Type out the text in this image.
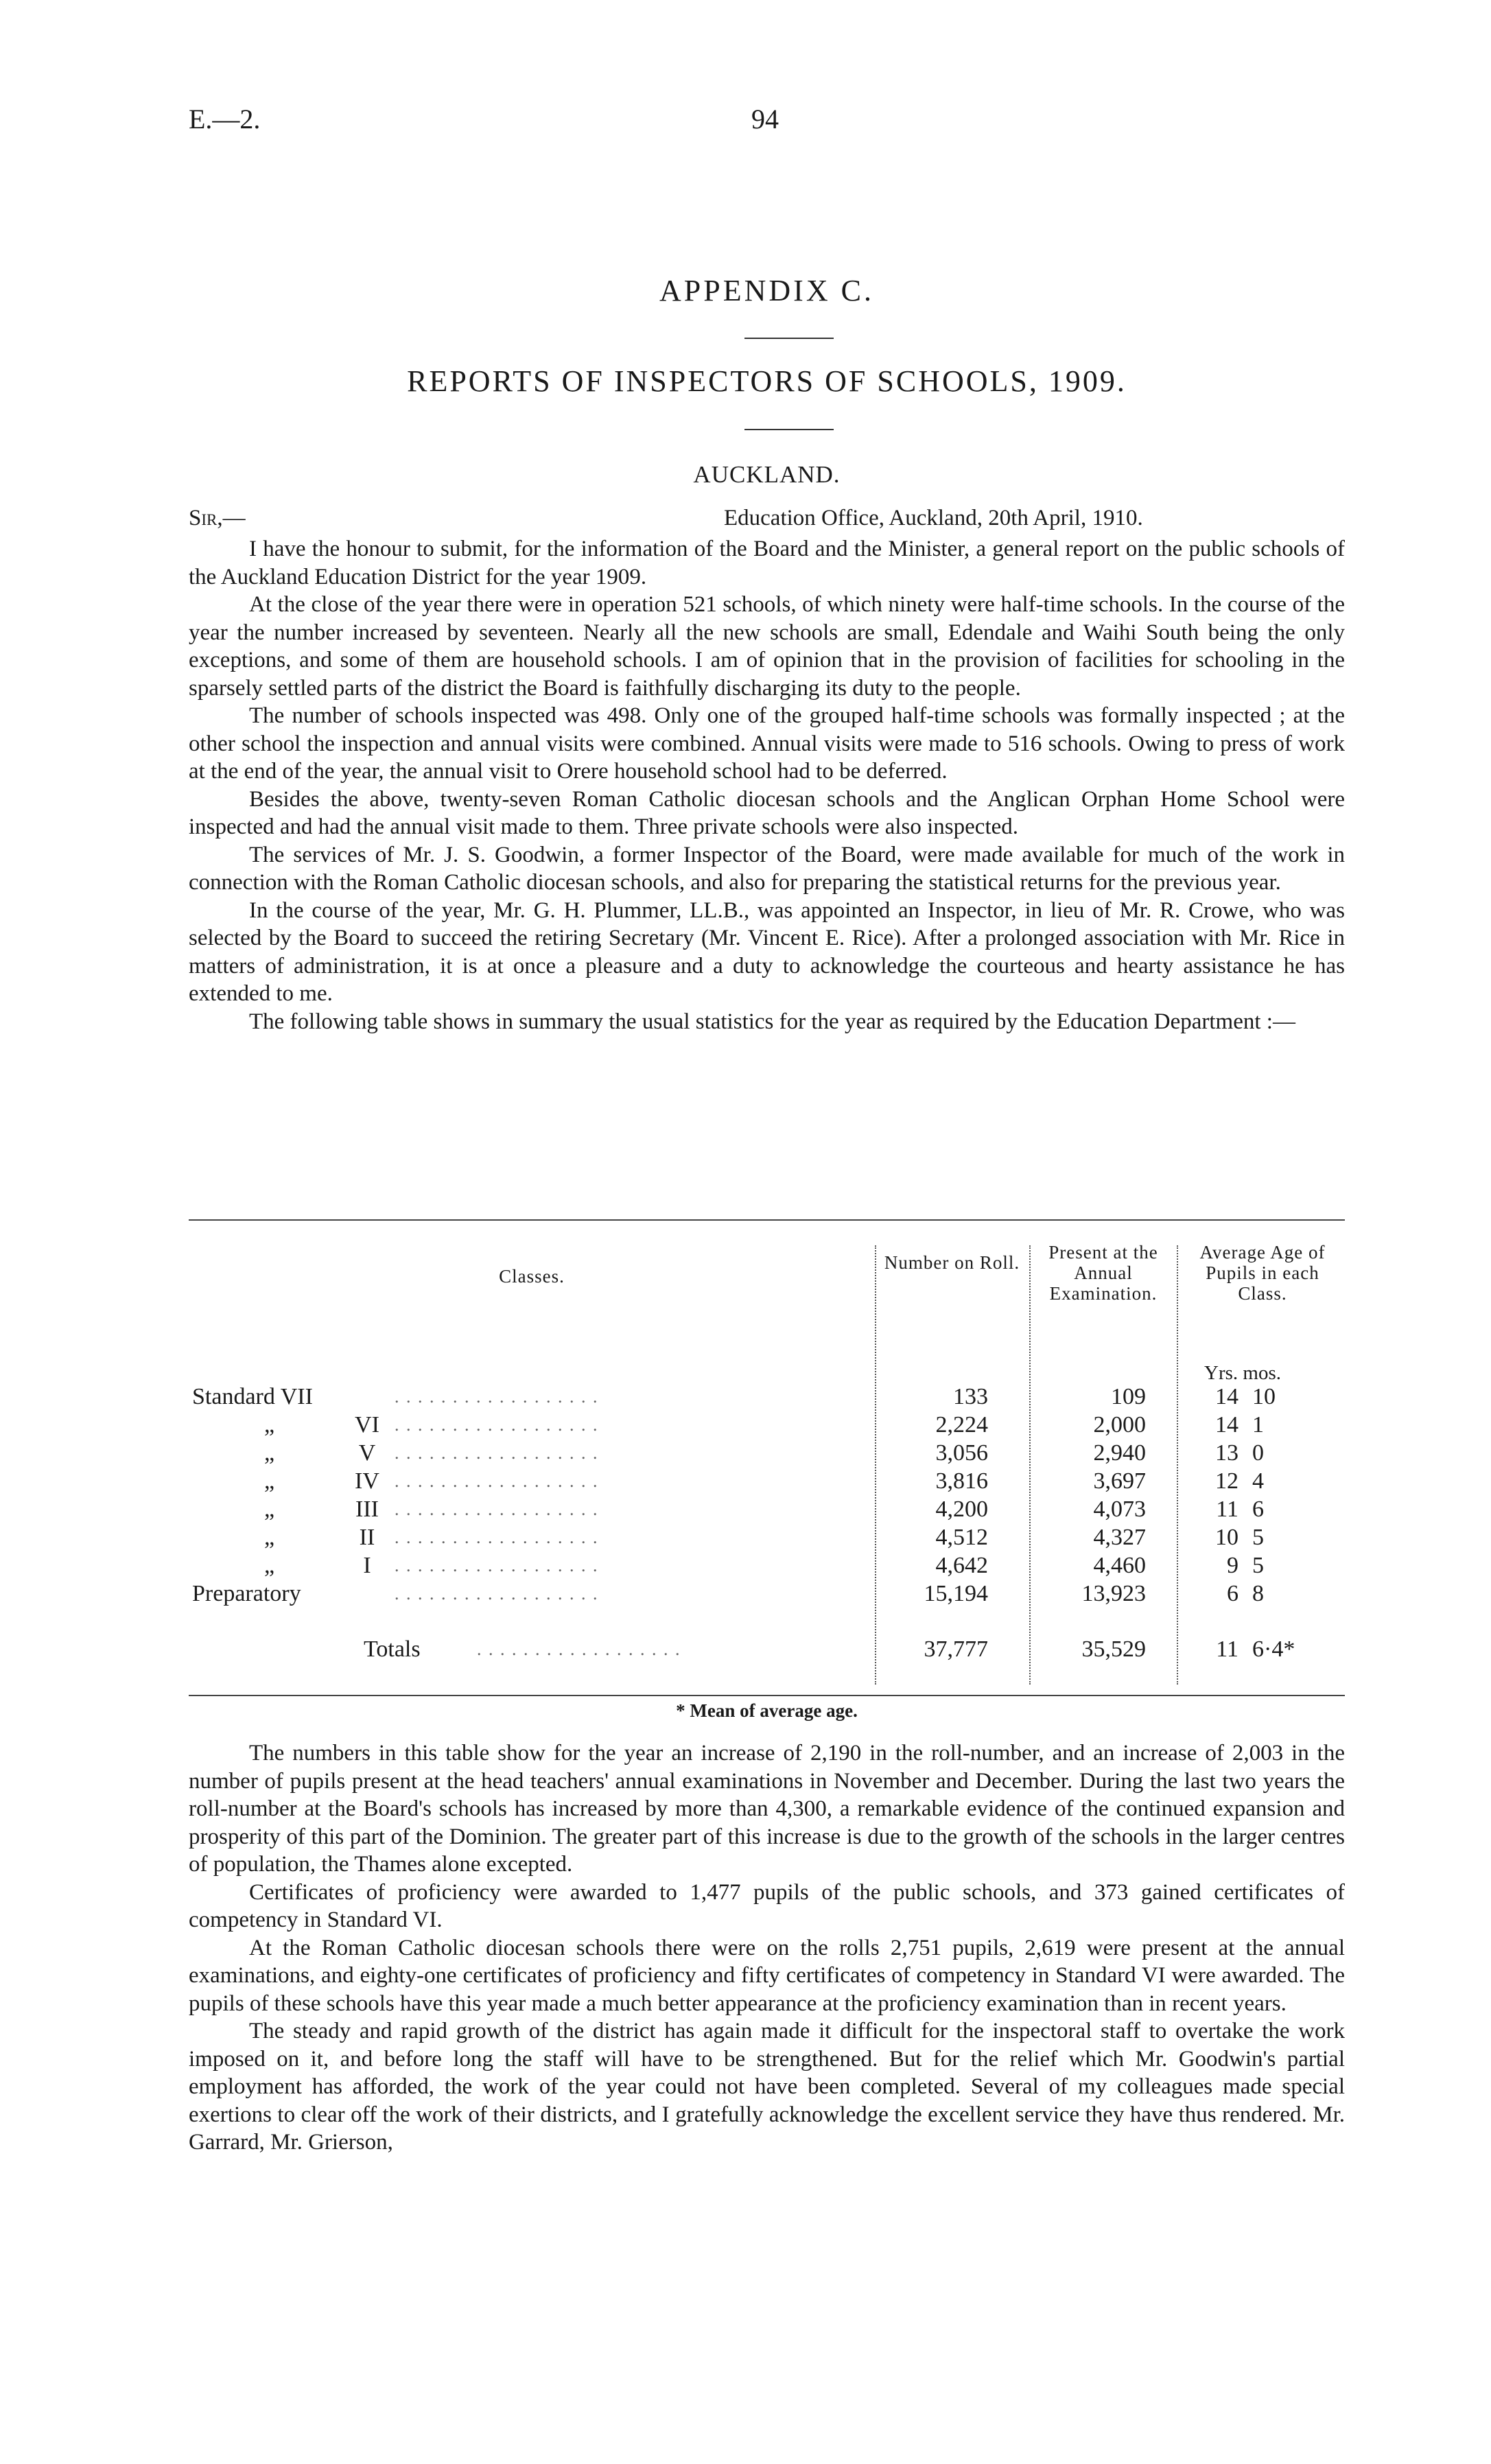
E.—2.	94
APPENDIX C.
REPORTS OF INSPECTORS OF SCHOOLS, 1909.
AUCKLAND.
Sir,—	Education Office, Auckland, 20th April, 1910.

I have the honour to submit, for the information of the Board and the Minister, a general report on the public schools of the Auckland Education District for the year 1909.

At the close of the year there were in operation 521 schools, of which ninety were half-time schools. In the course of the year the number increased by seventeen. Nearly all the new schools are small, Edendale and Waihi South being the only exceptions, and some of them are household schools. I am of opinion that in the provision of facilities for schooling in the sparsely settled parts of the district the Board is faithfully discharging its duty to the people.

The number of schools inspected was 498. Only one of the grouped half-time schools was formally inspected ; at the other school the inspection and annual visits were combined. Annual visits were made to 516 schools. Owing to press of work at the end of the year, the annual visit to Orere household school had to be deferred.

Besides the above, twenty-seven Roman Catholic diocesan schools and the Anglican Orphan Home School were inspected and had the annual visit made to them. Three private schools were also inspected.

The services of Mr. J. S. Goodwin, a former Inspector of the Board, were made available for much of the work in connection with the Roman Catholic diocesan schools, and also for preparing the statistical returns for the previous year.

In the course of the year, Mr. G. H. Plummer, LL.B., was appointed an Inspector, in lieu of Mr. R. Crowe, who was selected by the Board to succeed the retiring Secretary (Mr. Vincent E. Rice). After a prolonged association with Mr. Rice in matters of administration, it is at once a pleasure and a duty to acknowledge the courteous and hearty assistance he has extended to me.

The following table shows in summary the usual statistics for the year as required by the Education Department :—

Classes.
Number on Roll.	Present at the Annual Examination.
Yrs. mos.
Standard VII	. . . . . . . . . . . . . . . . . .	133	109	14 10
„	VI . . . . . . . . . . . . . . . . . .	2,224	2,000	14 1
„	V	. . . . . . . . . . . . . . . . . .	3,056	2,940	13 0
„	IV . . . . . . . . . . . . . . . . . .	3,816	3,697	12 4
„	III . . . . . . . . . . . . . . . . . .	4,200	4,073	11 6
„	II	. . . . . . . . . . . . . . . . . .	4,512	4,327	10 5
„	I	. . . . . . . . . . . . . . . . . .	4,642	4,460	9 5
Preparatory	. . . . . . . . . . . . . . . . . .	15,194	13,923	6 8
Totals	. . . . . . . . . . . . . . . . . .	37,777	35,529	11 6·4*
Average Age of Pupils in each Class.
* Mean of average age.

The numbers in this table show for the year an increase of 2,190 in the roll-number, and an increase of 2,003 in the number of pupils present at the head teachers' annual examinations in November and December. During the last two years the roll-number at the Board's schools has increased by more than 4,300, a remarkable evidence of the continued expansion and prosperity of this part of the Dominion. The greater part of this increase is due to the growth of the schools in the larger centres of population, the Thames alone excepted.

Certificates of proficiency were awarded to 1,477 pupils of the public schools, and 373 gained certificates of competency in Standard VI.

At the Roman Catholic diocesan schools there were on the rolls 2,751 pupils, 2,619 were present at the annual examinations, and eighty-one certificates of proficiency and fifty certificates of competency in Standard VI were awarded. The pupils of these schools have this year made a much better appearance at the proficiency examination than in recent years.

The steady and rapid growth of the district has again made it difficult for the inspectoral staff to overtake the work imposed on it, and before long the staff will have to be strengthened. But for the relief which Mr. Goodwin's partial employment has afforded, the work of the year could not have been completed. Several of my colleagues made special exertions to clear off the work of their districts, and I gratefully acknowledge the excellent service they have thus rendered. Mr. Garrard, Mr. Grierson,
